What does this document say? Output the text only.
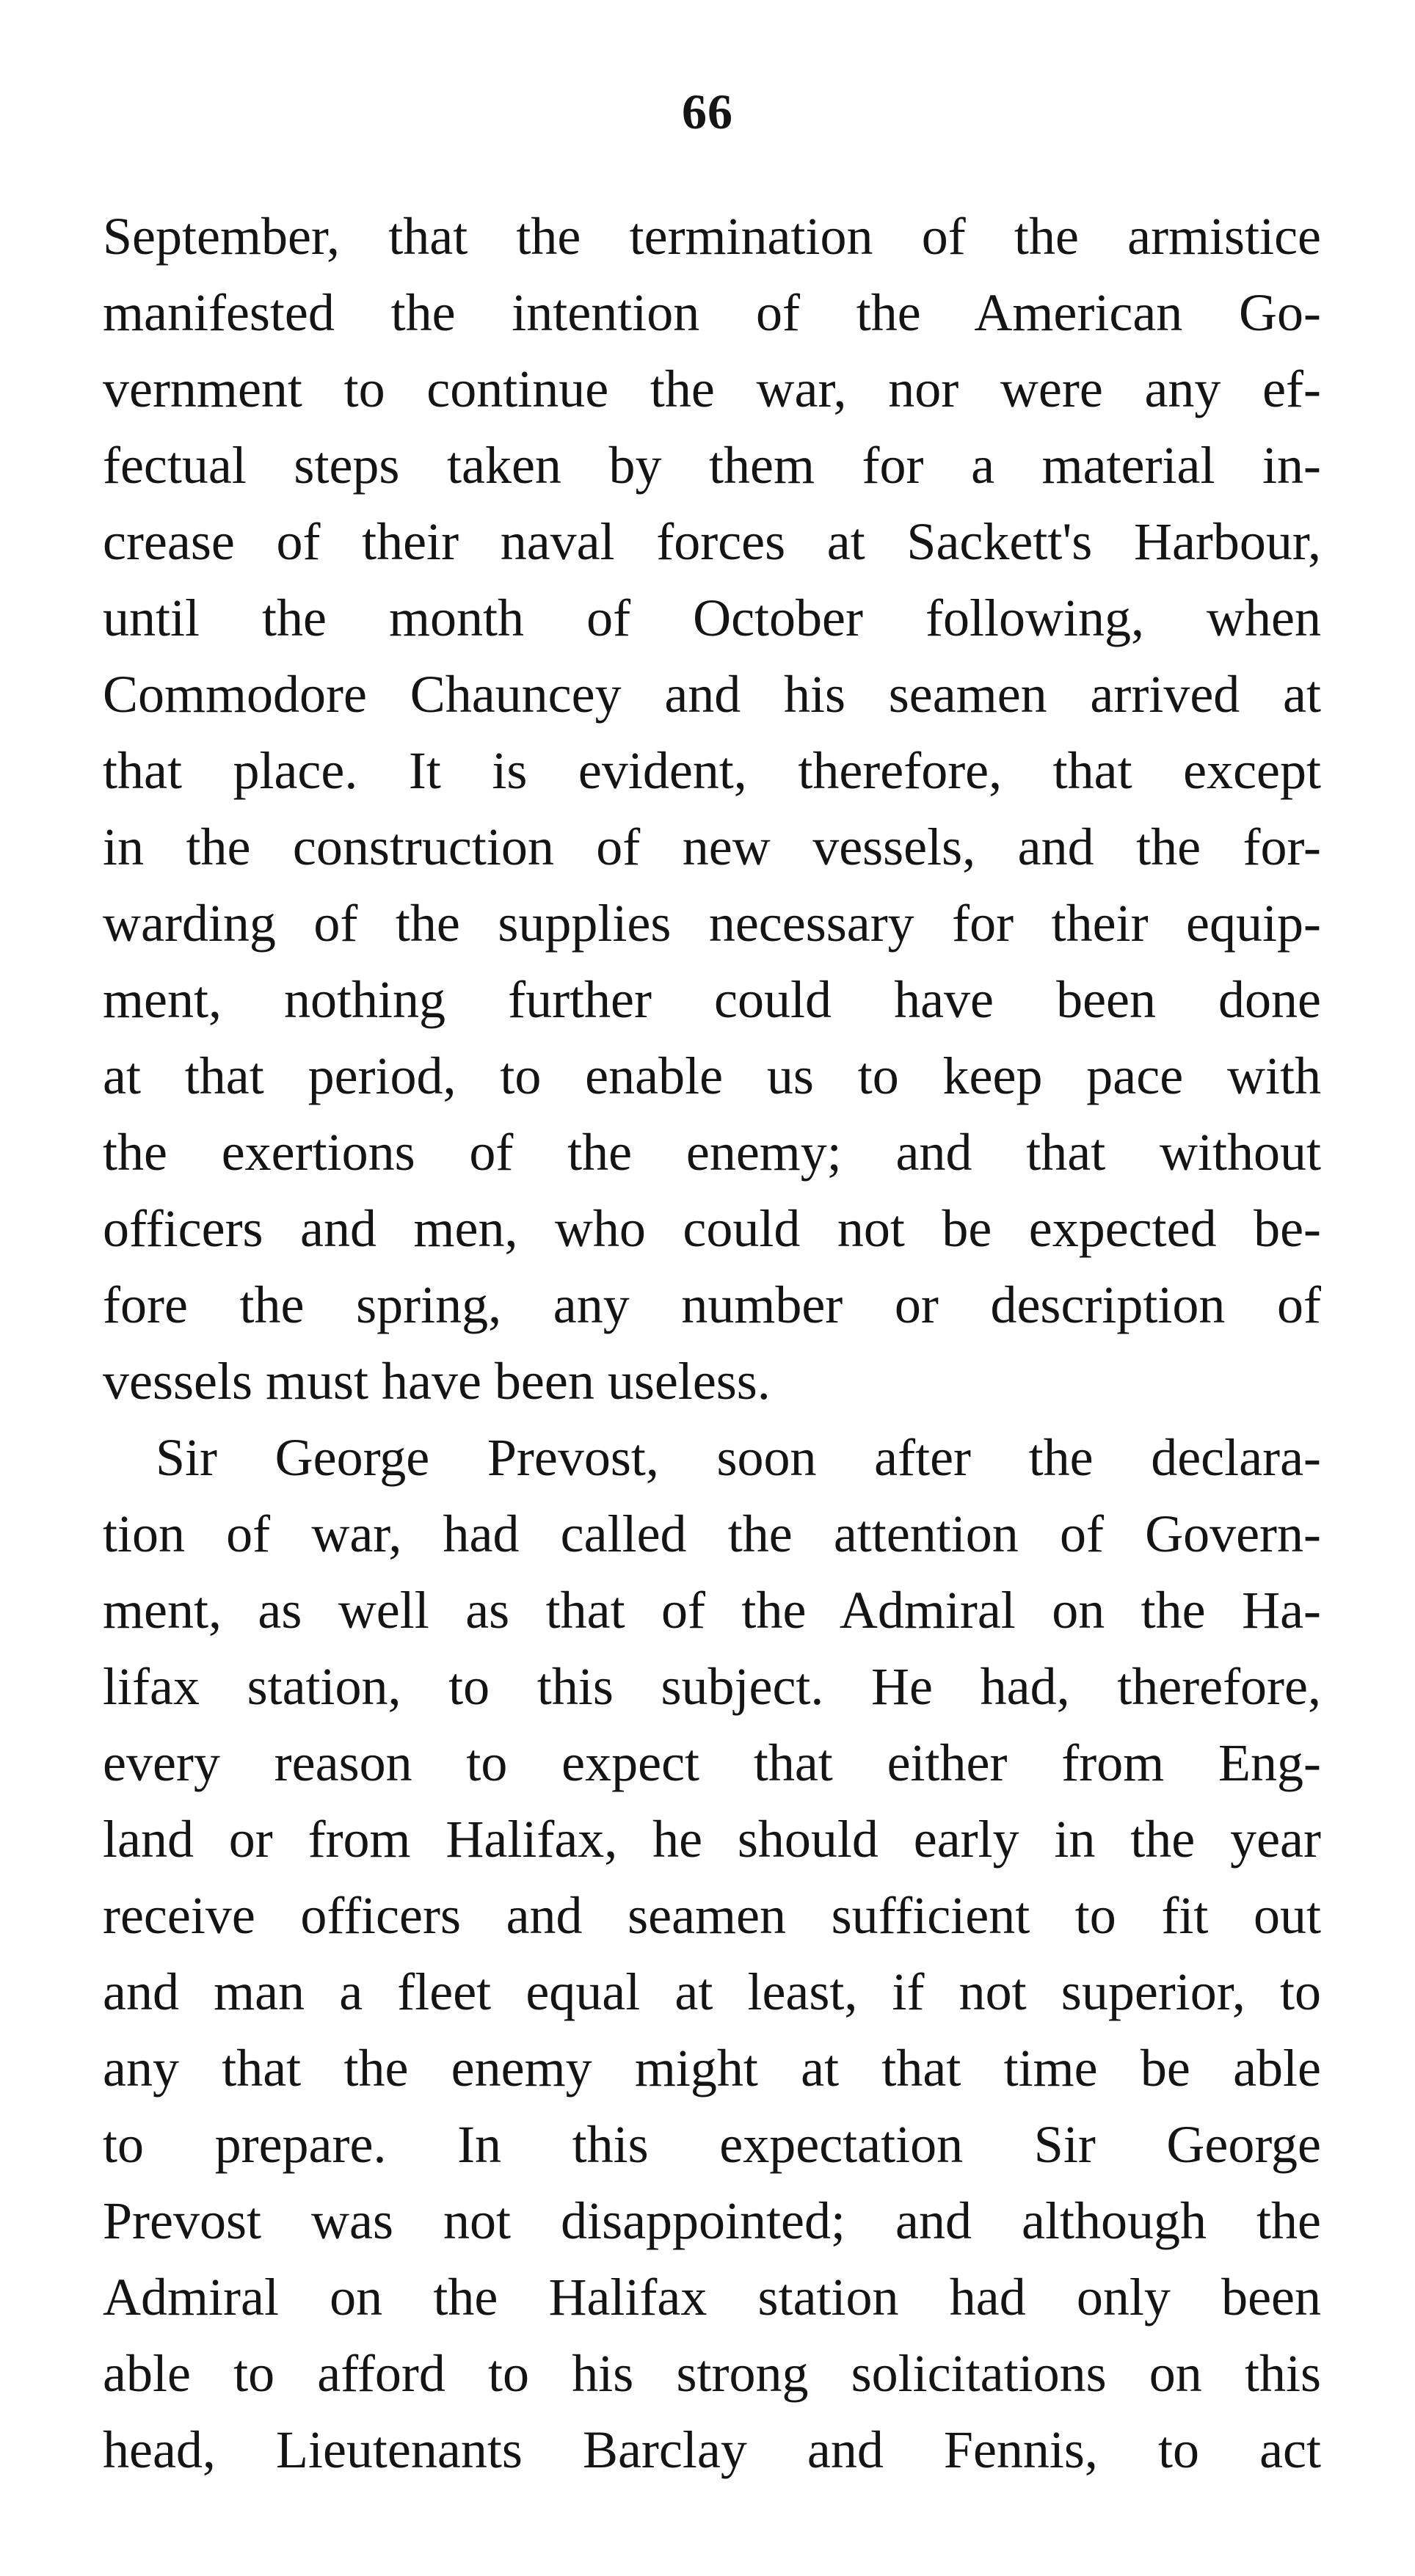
66
September, that the termination of the armistice
manifested the intention of the American Go-
vernment to continue the war, nor were any ef-
fectual steps taken by them for a material in-
crease of their naval forces at Sackett's Harbour,
until the month of October following, when
Commodore Chauncey and his seamen arrived at
that place. It is evident, therefore, that except
in the construction of new vessels, and the for-
warding of the supplies necessary for their equip-
ment, nothing further could have been done
at that period, to enable us to keep pace with
the exertions of the enemy; and that without
officers and men, who could not be expected be-
fore the spring, any number or description of
vessels must have been useless.
Sir George Prevost, soon after the declara-
tion of war, had called the attention of Govern-
ment, as well as that of the Admiral on the Ha-
lifax station, to this subject. He had, therefore,
every reason to expect that either from Eng-
land or from Halifax, he should early in the year
receive officers and seamen sufficient to fit out
and man a fleet equal at least, if not superior, to
any that the enemy might at that time be able
to prepare. In this expectation Sir George
Prevost was not disappointed; and although the
Admiral on the Halifax station had only been
able to afford to his strong solicitations on this
head, Lieutenants Barclay and Fennis, to act
